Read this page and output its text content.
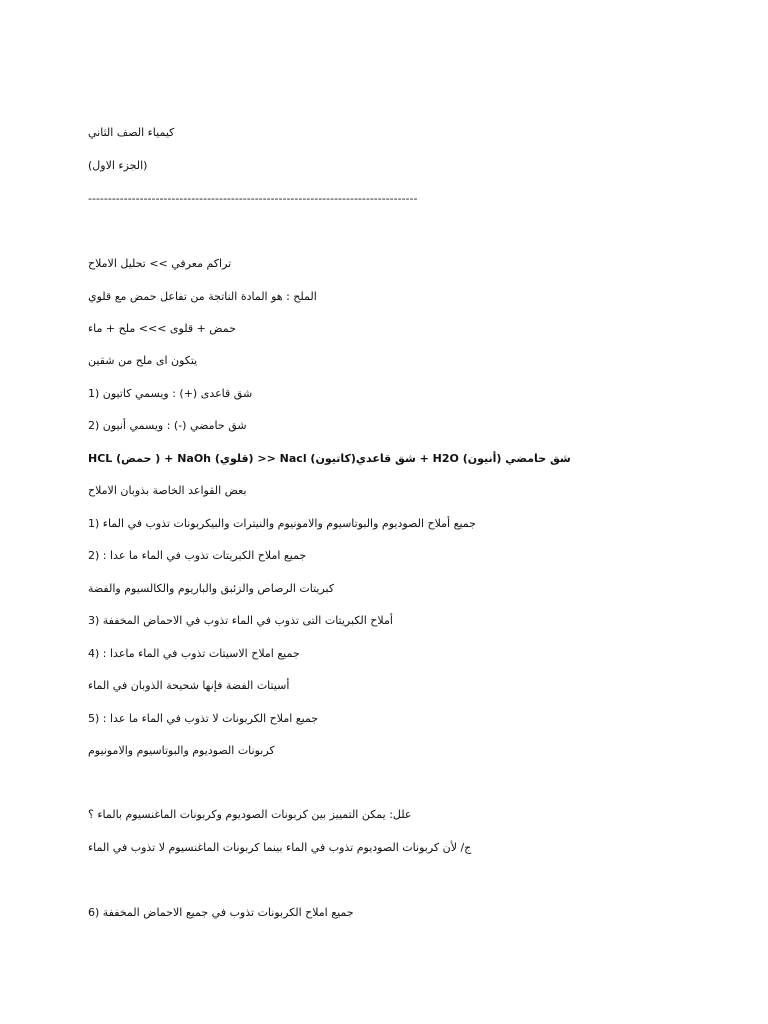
كيمياء الصف الثاني
(الجزء الاول)
-----------------------------------------------------------------------------------
تراكم معرفي >> تحليل الاملاح
الملح : هو المادة الناتجة من تفاعل حمض مع قلوي
حمض + قلوى >>> ملح + ماء
يتكون اى ملح من شقين
شق قاعدى (+) : ويسمي كاتيون (1
شق حامضي (-) : ويسمي أنيون (2
HCL (حمض ) + NaOh (قلوي) >> Nacl (كاتيون)شق قاعدي + H2O (أنيون) شق حامضي
بعض القواعد الخاصة بذوبان الاملاح
جميع أملاح الصوديوم والبوتاسيوم والامونيوم والنيترات والبيكربونات تذوب في الماء (1
جميع املاح الكبريتات تذوب في الماء ما عدا : (2
كبريتات الرصاص والزئبق والباريوم والكالسيوم والفضة
أملاح الكبريتات التى تذوب في الماء تذوب في الاحماض المخففة (3
جميع املاح الاسيتات تذوب في الماء ماعدا : (4
أسيتات الفضة فإنها شحيحة الذوبان في الماء
جميع املاح الكربونات لا تذوب في الماء ما عدا : (5
كربونات الصوديوم والبوتاسيوم والامونيوم
علل: يمكن التمييز بين كربونات الصوديوم وكربونات الماغنسيوم بالماء ؟
ج/ لأن كربونات الصوديوم تذوب في الماء بينما كربونات الماغنسيوم لا تذوب في الماء
جميع املاح الكربونات تذوب في جميع الاحماض المخففة (6
